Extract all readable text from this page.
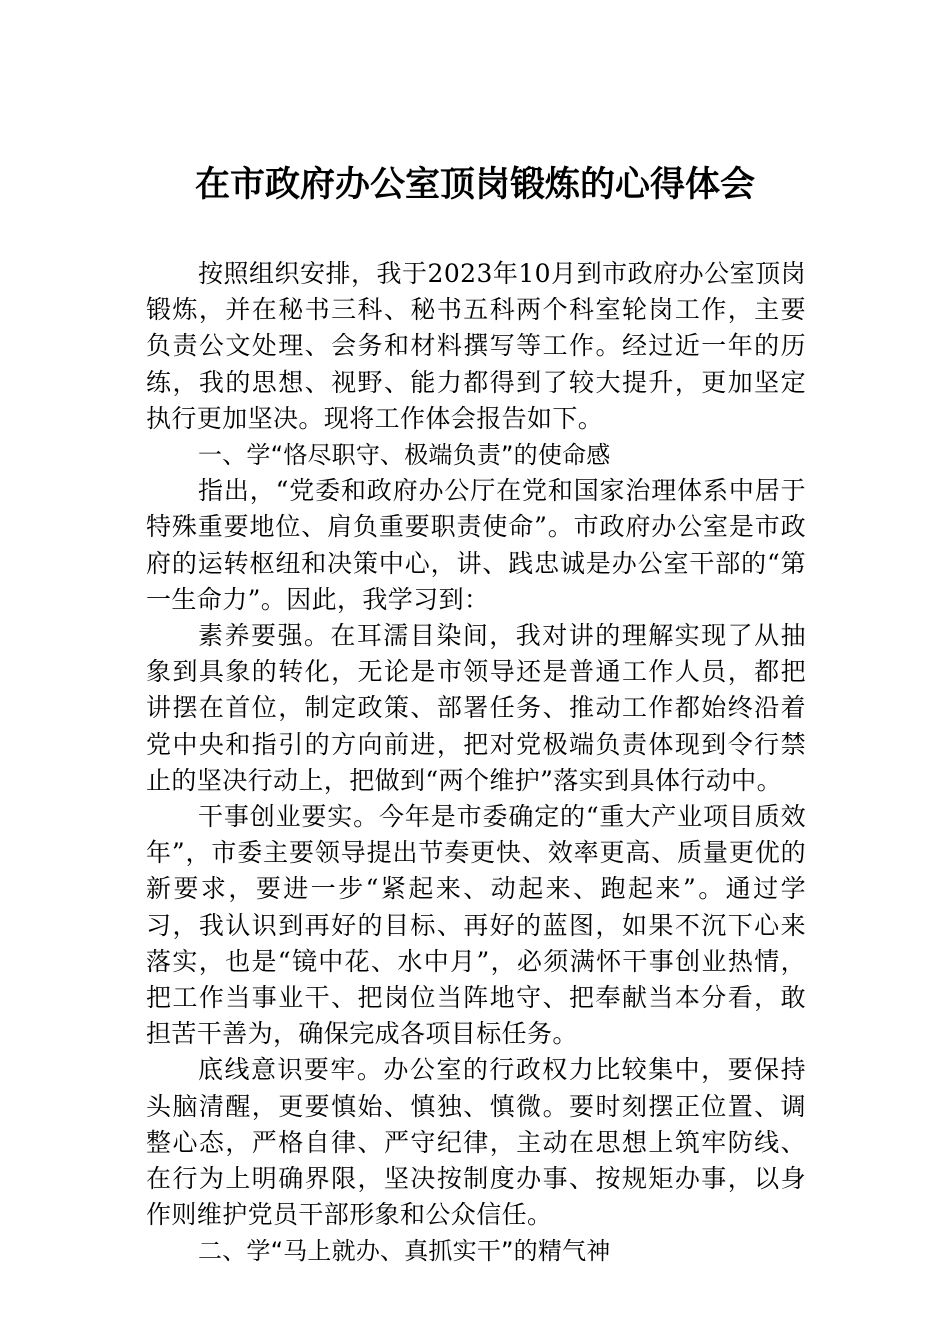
在市政府办公室顶岗锻炼的心得体会

按照组织安排，我于2023年10月到市政府办公室顶岗锻炼，并在秘书三科、秘书五科两个科室轮岗工作，主要负责公文处理、会务和材料撰写等工作。经过近一年的历练，我的思想、视野、能力都得到了较大提升，更加坚定执行更加坚决。现将工作体会报告如下。

一、学“恪尽职守、极端负责”的使命感

指出，“党委和政府办公厅在党和国家治理体系中居于特殊重要地位、肩负重要职责使命”。市政府办公室是市政府的运转枢纽和决策中心，讲、践忠诚是办公室干部的“第一生命力”。因此，我学习到：

素养要强。在耳濡目染间，我对讲的理解实现了从抽象到具象的转化，无论是市领导还是普通工作人员，都把讲摆在首位，制定政策、部署任务、推动工作都始终沿着党中央和指引的方向前进，把对党极端负责体现到令行禁止的坚决行动上，把做到“两个维护”落实到具体行动中。

干事创业要实。今年是市委确定的“重大产业项目质效年”，市委主要领导提出节奏更快、效率更高、质量更优的新要求，要进一步“紧起来、动起来、跑起来”。通过学习，我认识到再好的目标、再好的蓝图，如果不沉下心来落实，也是“镜中花、水中月”，必须满怀干事创业热情，把工作当事业干、把岗位当阵地守、把奉献当本分看，敢担苦干善为，确保完成各项目标任务。

底线意识要牢。办公室的行政权力比较集中，要保持头脑清醒，更要慎始、慎独、慎微。要时刻摆正位置、调整心态，严格自律、严守纪律，主动在思想上筑牢防线、在行为上明确界限，坚决按制度办事、按规矩办事，以身作则维护党员干部形象和公众信任。

二、学“马上就办、真抓实干”的精气神
